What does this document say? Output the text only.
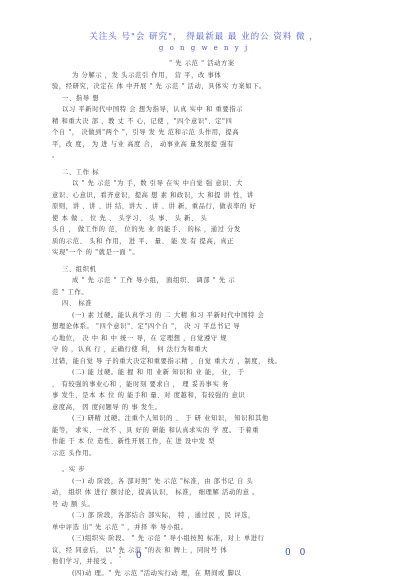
关注头 号"会 研究"， 得最新最 最 业的公 资料 微 ，
g o n g w e n y j
" 先 示范 " 活动方案
为 分解示 ，发 头示范引 作用， 营 平，改 事体
验，经研究，决定在 体 中开展 " 先 示范 " 活动，具体实 方案如下。
一、指导 想
以习 平新时代中国特 会 想为指导，认真 实中 和 重要指示
精 和重大决 部 ，教 丈 不 心，记使 ，"四个意识"、定"四
个自 "， 决做到"两个 "，引导 发 先 范和示范 头作用，提高
平，改 度， 为 进 与业 高度 合， 动事业高 量发展提 强有
。
二、工作 标
以 " 先 示范 "为 手，数 引导 在实 中自觉 强 意识、大
意识、心意识，看齐意识，提高 想 素 和政识，大 和提 讲 性，讲
原则，讲 、讲 、讲 结，讲大 、讲 、讲 新，重品行，做表率的 好
使 本 做 、 位 先 、 头学习、 头 事、 头 新、 头
头自 ， 做工作的 范， 位的先 业 的能手、 的标 ，通过 分发
质的示范、 头和 作用， 进 平、 量、 能 发 有 提高，真正
实现"一个 的 "就是一面 "。
三、组织机
成 " 先 示范 " 工作 导小组， 面组织、 调部 " 先 示
范 " 工作。
四、 标准
(一) 素 过硬。能认真学习 的 二 大精 和习 平新时代中国特 会
想理论体系。 "四个意识"、定"四个自 "， 决 习 平总书记 导
心地位， 决 中 和 中 统一 导，在 定理想 ，自觉遵守 规
守 的 ，认真 行 ，正确行使 利， 何 法行为和重大
过错，能自觉 导 子的重大决定和重要指示精 ，自觉 重大方 ，制度， 线。
(二) 能 过硬。能 握 和 用 业新 知识和 业 能， 业， 于
， 有较强的事业心和 ，能时刻 要求自 ， 理 妥善事实 务
事 发生，是本 本 位 的 能手和 量、对 度越和，有较强的 意识
意度高， 因 度问题导 的 事 发生。
(三) 研精 过硬。注重个人知识的 、 于 研 业知识， 知识和其他
能等， 求实、一丝不 ，具 好的 研能 和认真求实的 学 度。 于着重
作能 于 本 位 造性、新性开展工作，在 进 设中发 型
示范 头作用。
。实 步
(一) 动 阶段，各 部对照" 先 示范 "标准，由 部书记 自 头
动， 组织 体 进行 额讨论，提高认识， 标准， 细理解 活动的意 。
号 动 额 头。
(二) 部 阶段，各部结合 部实际， 特 ，通过民 ，民 评选，
单中评选 出" 先 示范 " ，并择 举 导小组。
(三)组织实 阶段。 " 先 示范 " 导小组按照 标准，对上 单进行
议，经 同意后， 以" 先 示范 "的表 和 牌上 ，同时号 体
他们学习，并接受 。
(四)动 理。" 先 示范 "活动实行动 理，在 期间或 脚以
： 0	0 0
